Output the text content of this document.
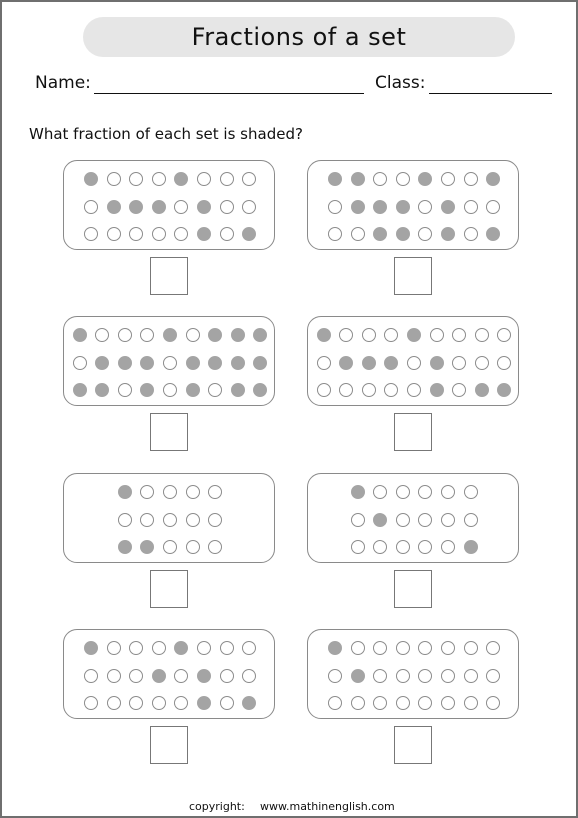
Fractions of a set
Name:	Class:
What fraction of each set is shaded?
copyright: www.mathinenglish.com
